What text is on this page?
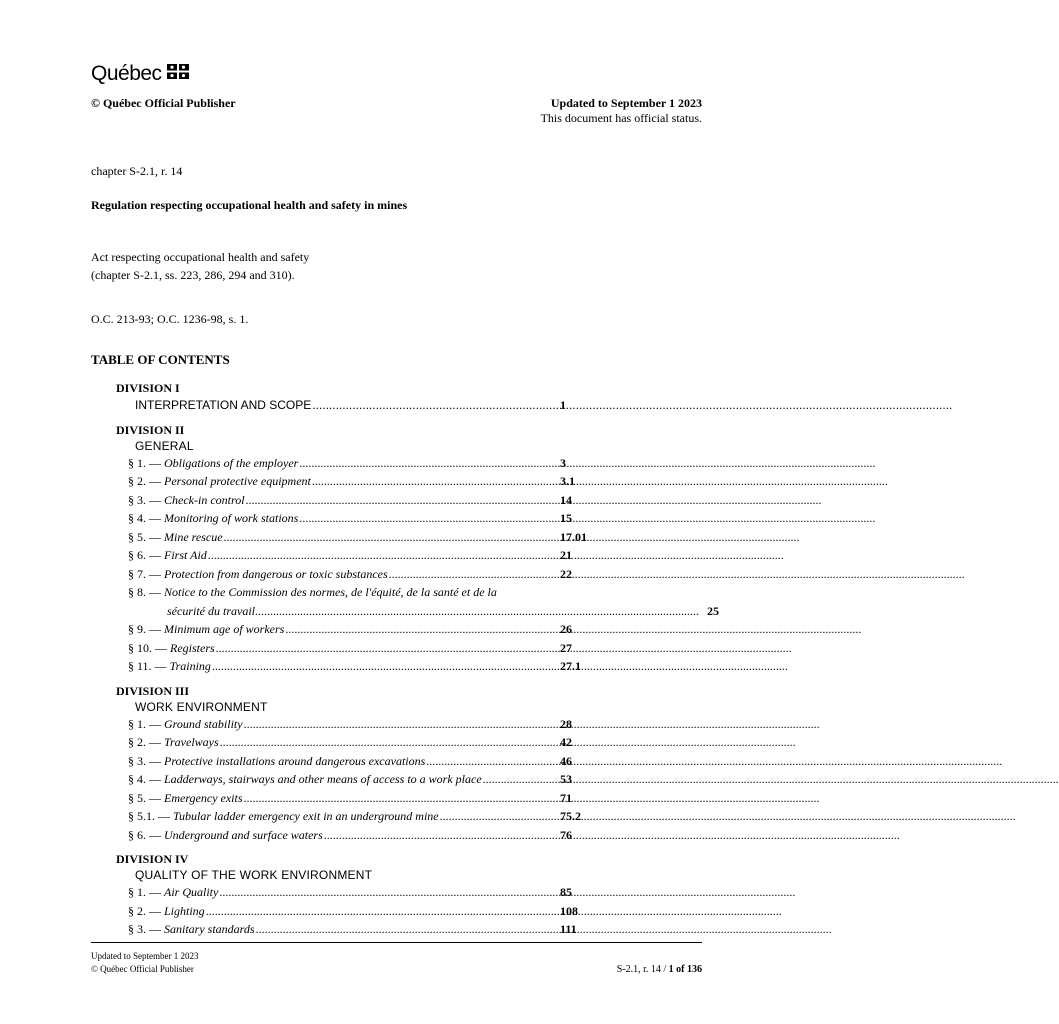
Québec
© Québec Official Publisher	Updated to September 1 2023
This document has official status.
chapter S-2.1, r. 14
Regulation respecting occupational health and safety in mines
Act respecting occupational health and safety
(chapter S-2.1, ss. 223, 286, 294 and 310).
O.C. 213-93; O.C. 1236-98, s. 1.
TABLE OF CONTENTS
DIVISION I
INTERPRETATION AND SCOPE .....	1
DIVISION II
GENERAL
§ 1. — Obligations of the employer .....	3
§ 2. — Personal protective equipment .....	3.1
§ 3. — Check-in control .....	14
§ 4. — Monitoring of work stations .....	15
§ 5. — Mine rescue .....	17.01
§ 6. — First Aid .....	21
§ 7. — Protection from dangerous or toxic substances .....	22
§ 8. — Notice to the Commission des normes, de l'équité, de la santé et de la
sécurité du travail.................................................................................................................................................... 25
§ 9. — Minimum age of workers .....	26
§ 10. — Registers .....	27
§ 11. — Training .....	27.1
DIVISION III
WORK ENVIRONMENT
§ 1. — Ground stability .....	28
§ 2. — Travelways .....	42
§ 3. — Protective installations around dangerous excavations .....	46
§ 4. — Ladderways, stairways and other means of access to a work place .....	53
§ 5. — Emergency exits .....	71
§ 5.1. — Tubular ladder emergency exit in an underground mine .....	75.2
§ 6. — Underground and surface waters .....	76
DIVISION IV
QUALITY OF THE WORK ENVIRONMENT
§ 1. — Air Quality .....	85
§ 2. — Lighting .....	108
§ 3. — Sanitary standards .....	111
Updated to September 1 2023
© Québec Official Publisher	S-2.1, r. 14 / 1 of 136
